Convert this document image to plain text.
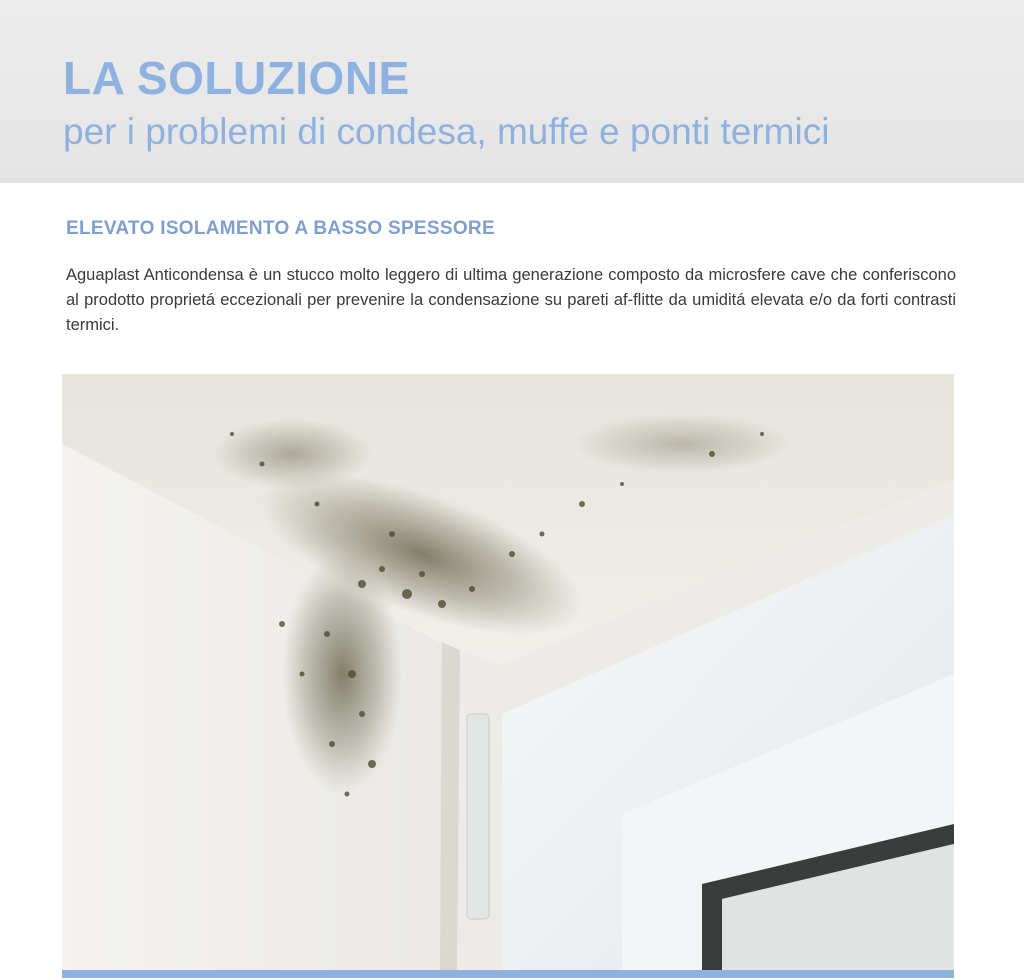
LA SOLUZIONE

per i problemi di condesa, muffe e ponti termici

ELEVATO ISOLAMENTO A BASSO SPESSORE

Aguaplast Anticondensa è un stucco molto leggero di ultima generazione composto da microsfere cave che conferiscono al prodotto proprietá eccezionali per prevenire la condensazione su pareti af-flitte da umiditá elevata e/o da forti contrasti termici.
